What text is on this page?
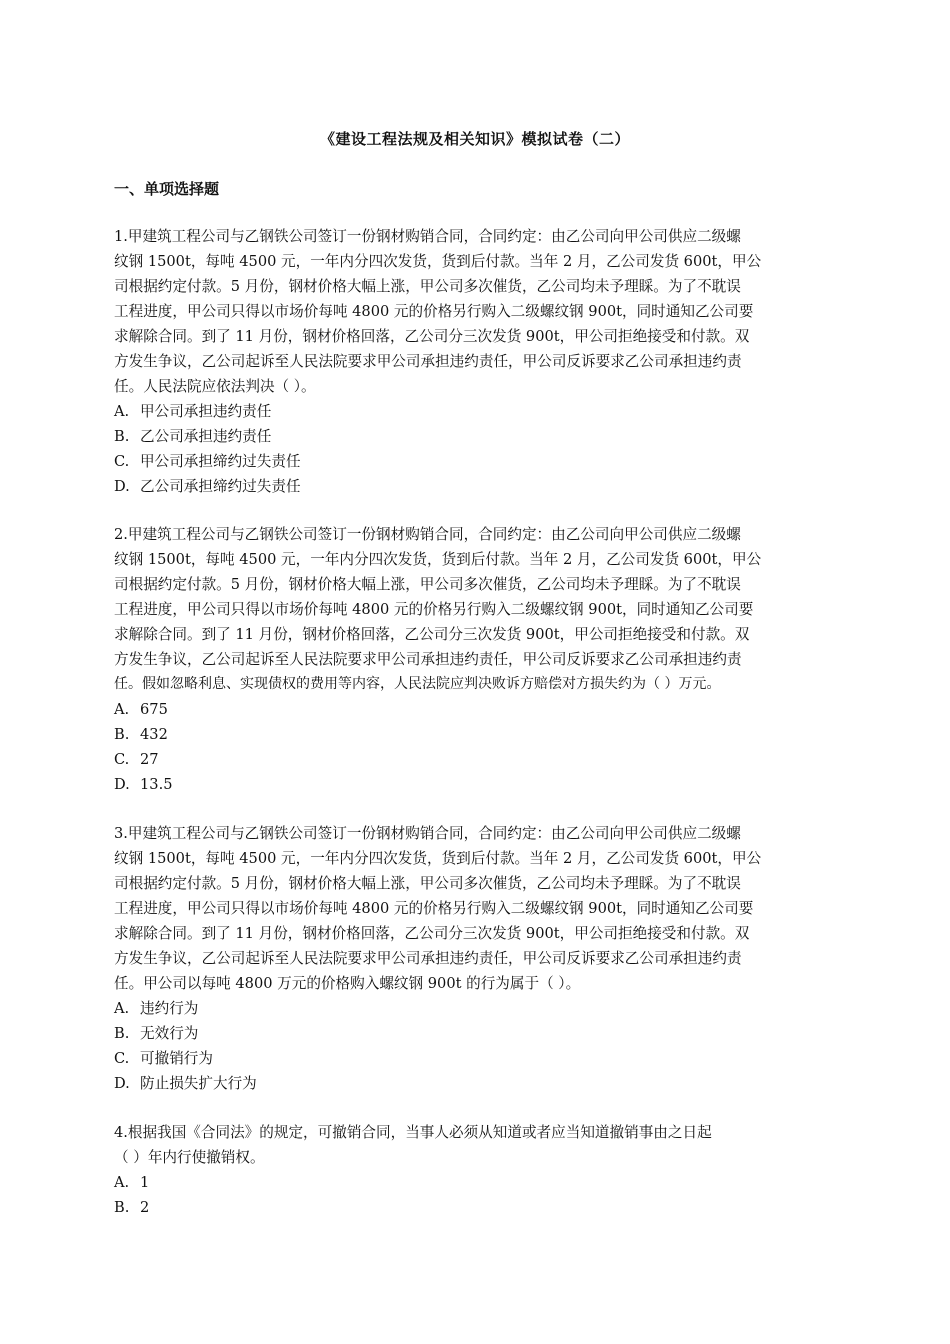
《建设工程法规及相关知识》模拟试卷（二）
一、单项选择题
1.甲建筑工程公司与乙钢铁公司签订一份钢材购销合同，合同约定：由乙公司向甲公司供应二级螺
纹钢 1500t，每吨 4500 元，一年内分四次发货，货到后付款。当年 2 月，乙公司发货 600t，甲公
司根据约定付款。5 月份，钢材价格大幅上涨，甲公司多次催货，乙公司均未予理睬。为了不耽误
工程进度，甲公司只得以市场价每吨 4800 元的价格另行购入二级螺纹钢 900t，同时通知乙公司要
求解除合同。到了 11 月份，钢材价格回落，乙公司分三次发货 900t，甲公司拒绝接受和付款。双
方发生争议，乙公司起诉至人民法院要求甲公司承担违约责任，甲公司反诉要求乙公司承担违约责
任。人民法院应依法判决（ ）。
A. 甲公司承担违约责任
B. 乙公司承担违约责任
C. 甲公司承担缔约过失责任
D. 乙公司承担缔约过失责任
2.甲建筑工程公司与乙钢铁公司签订一份钢材购销合同，合同约定：由乙公司向甲公司供应二级螺
纹钢 1500t，每吨 4500 元，一年内分四次发货，货到后付款。当年 2 月，乙公司发货 600t，甲公
司根据约定付款。5 月份，钢材价格大幅上涨，甲公司多次催货，乙公司均未予理睬。为了不耽误
工程进度，甲公司只得以市场价每吨 4800 元的价格另行购入二级螺纹钢 900t，同时通知乙公司要
求解除合同。到了 11 月份，钢材价格回落，乙公司分三次发货 900t，甲公司拒绝接受和付款。双
方发生争议，乙公司起诉至人民法院要求甲公司承担违约责任，甲公司反诉要求乙公司承担违约责
任。假如忽略利息、实现债权的费用等内容，人民法院应判决败诉方赔偿对方损失约为（ ）万元。
A. 675
B. 432
C. 27
D. 13.5
3.甲建筑工程公司与乙钢铁公司签订一份钢材购销合同，合同约定：由乙公司向甲公司供应二级螺
纹钢 1500t，每吨 4500 元，一年内分四次发货，货到后付款。当年 2 月，乙公司发货 600t，甲公
司根据约定付款。5 月份，钢材价格大幅上涨，甲公司多次催货，乙公司均未予理睬。为了不耽误
工程进度，甲公司只得以市场价每吨 4800 元的价格另行购入二级螺纹钢 900t，同时通知乙公司要
求解除合同。到了 11 月份，钢材价格回落，乙公司分三次发货 900t，甲公司拒绝接受和付款。双
方发生争议，乙公司起诉至人民法院要求甲公司承担违约责任，甲公司反诉要求乙公司承担违约责
任。甲公司以每吨 4800 万元的价格购入螺纹钢 900t 的行为属于（ ）。
A. 违约行为
B. 无效行为
C. 可撤销行为
D. 防止损失扩大行为
4.根据我国《合同法》的规定，可撤销合同，当事人必须从知道或者应当知道撤销事由之日起
（ ）年内行使撤销权。
A. 1
B. 2
